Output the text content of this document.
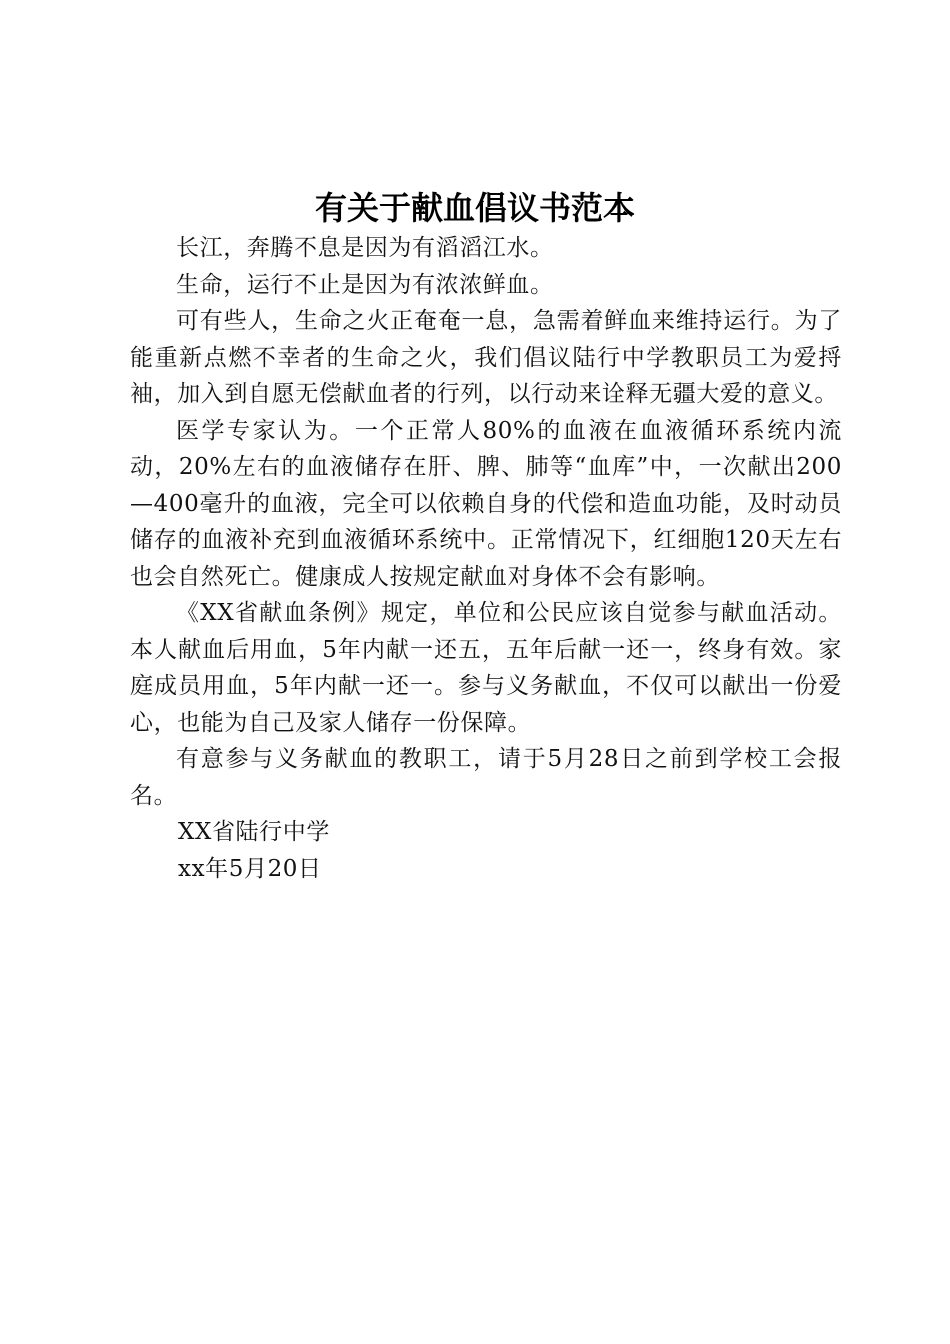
有关于献血倡议书范本

长江，奔腾不息是因为有滔滔江水。

生命，运行不止是因为有浓浓鲜血。

可有些人，生命之火正奄奄一息，急需着鲜血来维持运行。为了能重新点燃不幸者的生命之火，我们倡议陆行中学教职员工为爱捋袖，加入到自愿无偿献血者的行列，以行动来诠释无疆大爱的意义。

医学专家认为。一个正常人80%的血液在血液循环系统内流动，20%左右的血液储存在肝、脾、肺等“血库”中，一次献出200—400毫升的血液，完全可以依赖自身的代偿和造血功能，及时动员储存的血液补充到血液循环系统中。正常情况下，红细胞120天左右也会自然死亡。健康成人按规定献血对身体不会有影响。

《XX省献血条例》规定，单位和公民应该自觉参与献血活动。本人献血后用血，5年内献一还五，五年后献一还一，终身有效。家庭成员用血，5年内献一还一。参与义务献血，不仅可以献出一份爱心，也能为自己及家人储存一份保障。

有意参与义务献血的教职工，请于5月28日之前到学校工会报名。

XX省陆行中学

xx年5月20日
